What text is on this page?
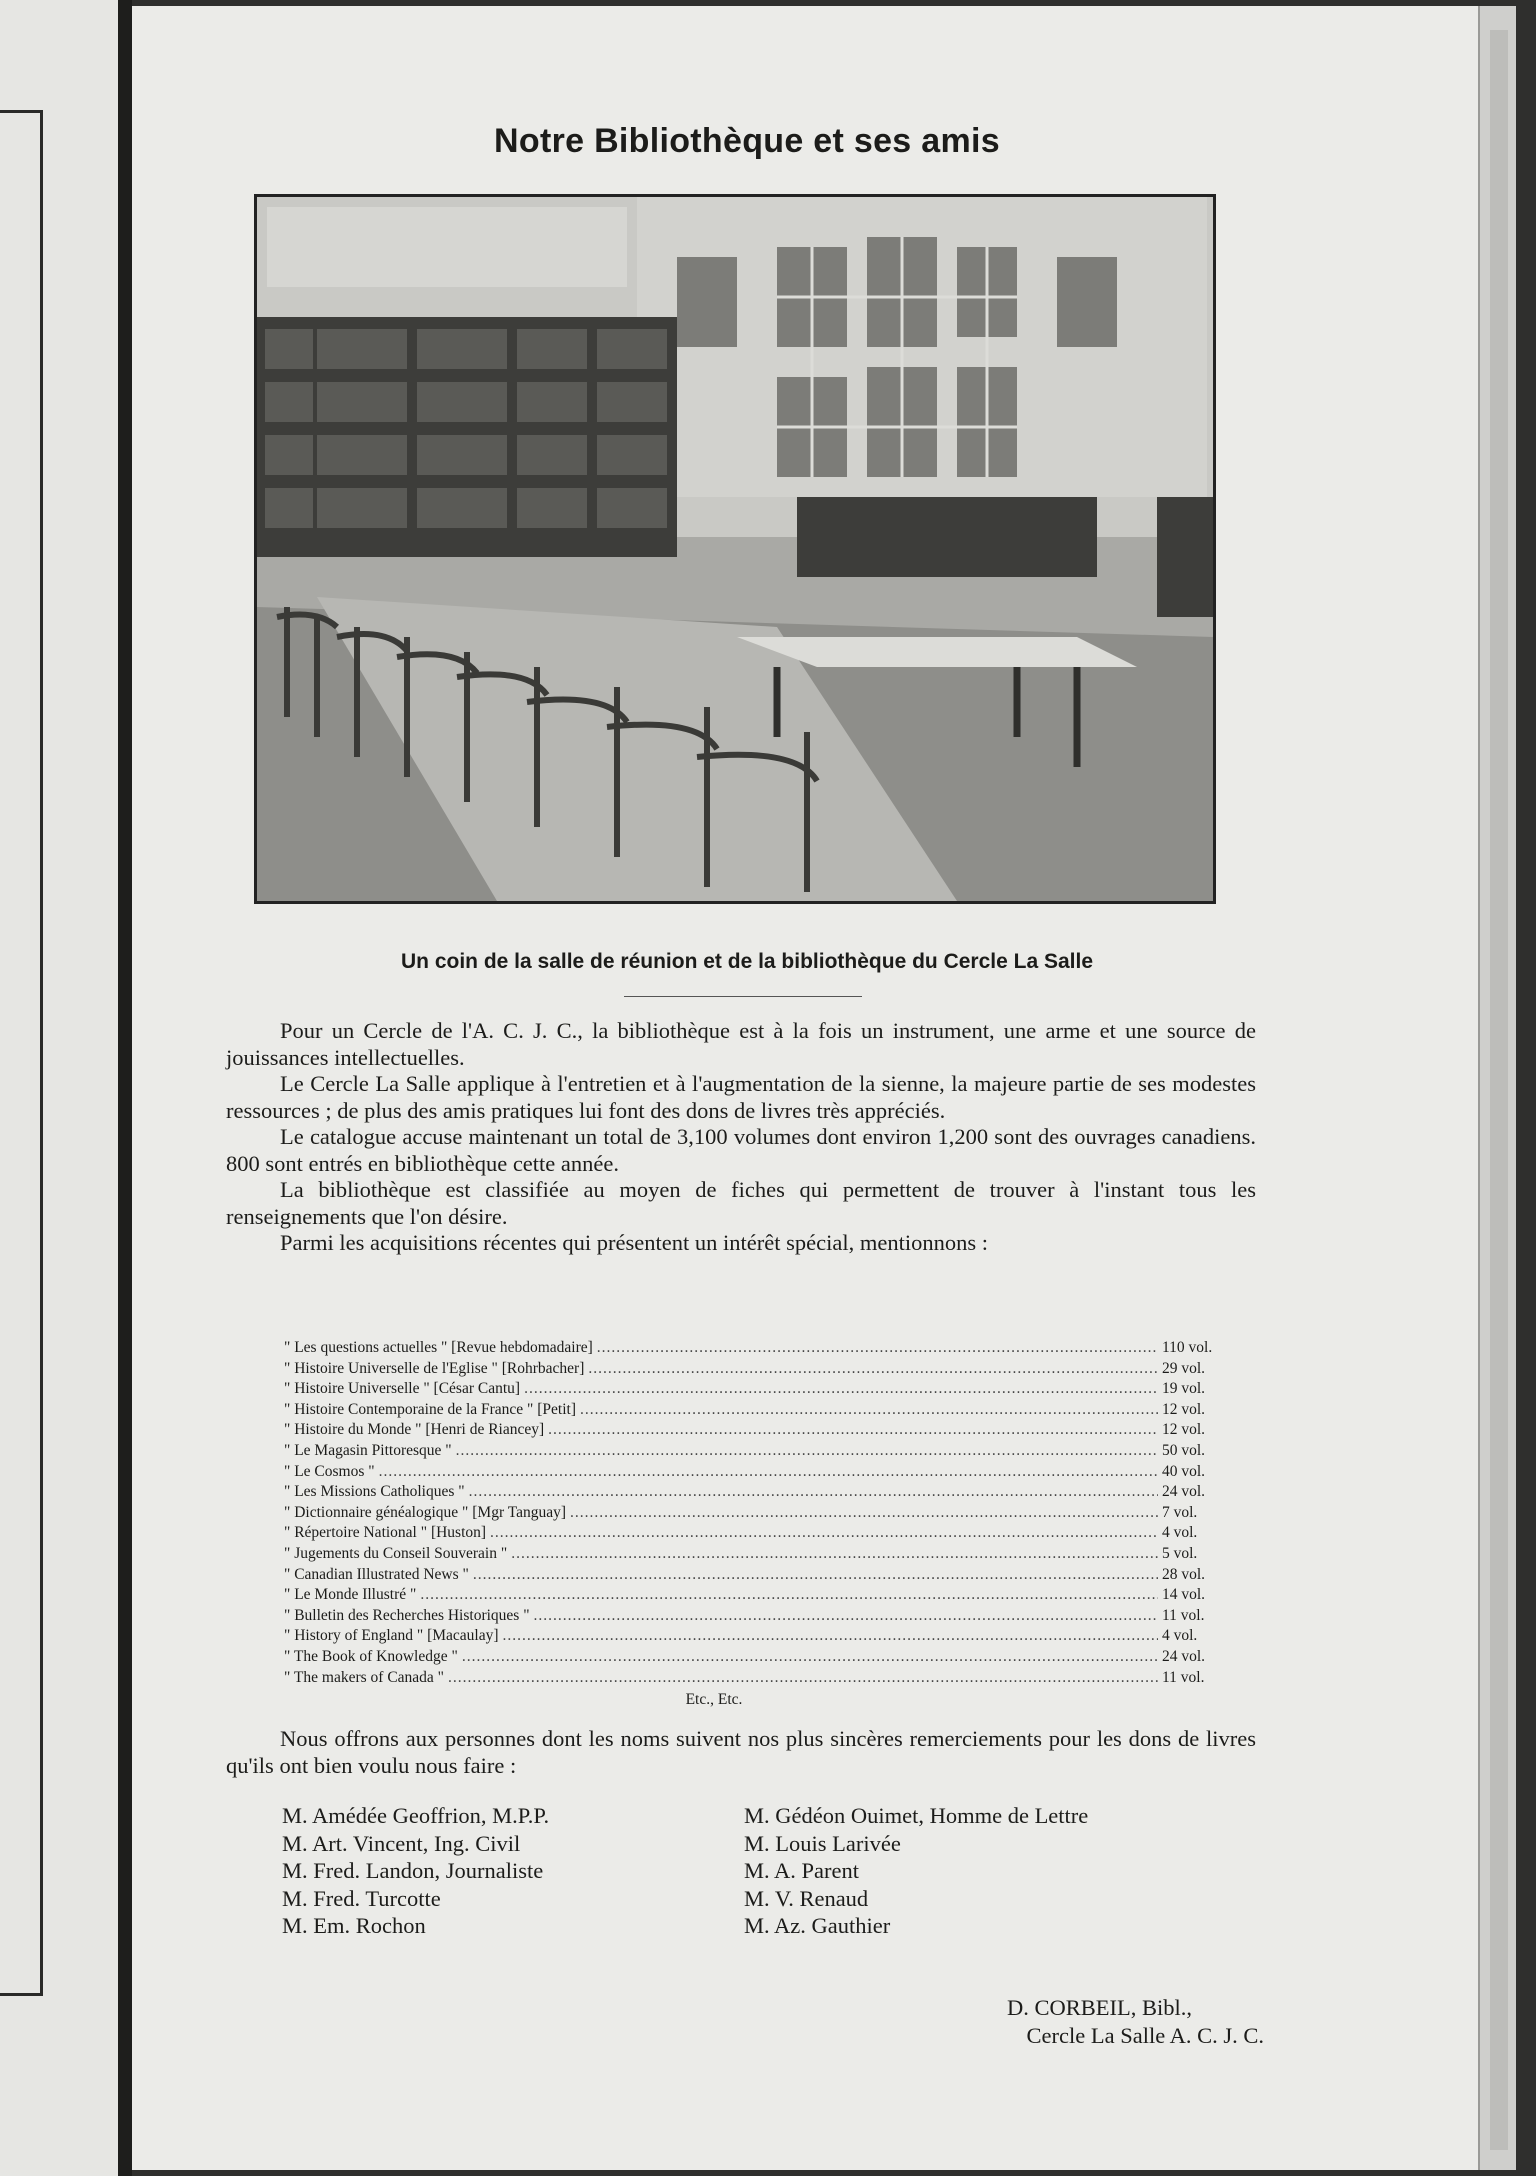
Notre Bibliothèque et ses amis
Un coin de la salle de réunion et de la bibliothèque du Cercle La Salle

Pour un Cercle de l'A. C. J. C., la bibliothèque est à la fois un instrument, une arme et une source de jouissances intellectuelles.

Le Cercle La Salle applique à l'entretien et à l'augmentation de la sienne, la majeure partie de ses modestes ressources ; de plus des amis pratiques lui font des dons de livres très appréciés.

Le catalogue accuse maintenant un total de 3,100 volumes dont environ 1,200 sont des ouvrages canadiens. 800 sont entrés en bibliothèque cette année.

La bibliothèque est classifiée au moyen de fiches qui permettent de trouver à l'instant tous les renseignements que l'on désire.

Parmi les acquisitions récentes qui présentent un intérêt spécial, mentionnons :

" Les questions actuelles " [Revue hebdomadaire] .....	110 vol.
" Histoire Universelle de l'Eglise " [Rohrbacher] .....	29 vol.
" Histoire Universelle " [César Cantu] .....	19 vol.
" Histoire Contemporaine de la France " [Petit] .....	12 vol.
" Histoire du Monde " [Henri de Riancey] .....	12 vol.
" Le Magasin Pittoresque " .....	50 vol.
" Le Cosmos " .....	40 vol.
" Les Missions Catholiques " .....	24 vol.
" Dictionnaire généalogique " [Mgr Tanguay] .....	7 vol.
" Répertoire National " [Huston] .....	4 vol.
" Jugements du Conseil Souverain " .....	5 vol.
" Canadian Illustrated News " .....	28 vol.
" Le Monde Illustré " .....	14 vol.
" Bulletin des Recherches Historiques " .....	11 vol.
" History of England " [Macaulay] .....	4 vol.
" The Book of Knowledge " .....	24 vol.
" The makers of Canada " .....	11 vol.
Etc., Etc.

Nous offrons aux personnes dont les noms suivent nos plus sincères remerciements pour les dons de livres qu'ils ont bien voulu nous faire :

M. Amédée Geoffrion, M.P.P.
M. Art. Vincent, Ing. Civil
M. Fred. Landon, Journaliste
M. Fred. Turcotte
M. Em. Rochon
M. Gédéon Ouimet, Homme de Lettre
M. Louis Larivée
M. A. Parent
M. V. Renaud
M. Az. Gauthier
D. CORBEIL, Bibl.,
Cercle La Salle A. C. J. C.
